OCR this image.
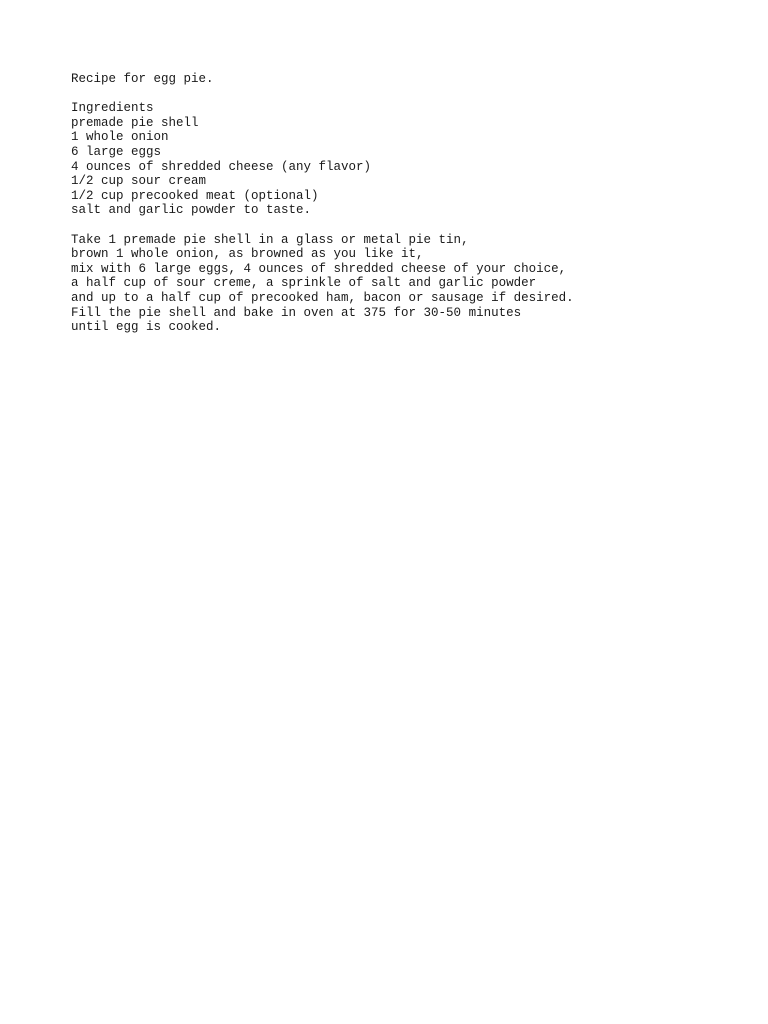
Recipe for egg pie.
Ingredients
premade pie shell
1 whole onion
6 large eggs
4 ounces of shredded cheese (any flavor)
1/2 cup sour cream
1/2 cup precooked meat (optional)
salt and garlic powder to taste.
Take 1 premade pie shell in a glass or metal pie tin,
brown 1 whole onion, as browned as you like it,
mix with 6 large eggs, 4 ounces of shredded cheese of your choice,
a half cup of sour creme, a sprinkle of salt and garlic powder
and up to a half cup of precooked ham, bacon or sausage if desired.
Fill the pie shell and bake in oven at 375 for 30-50 minutes
until egg is cooked.
